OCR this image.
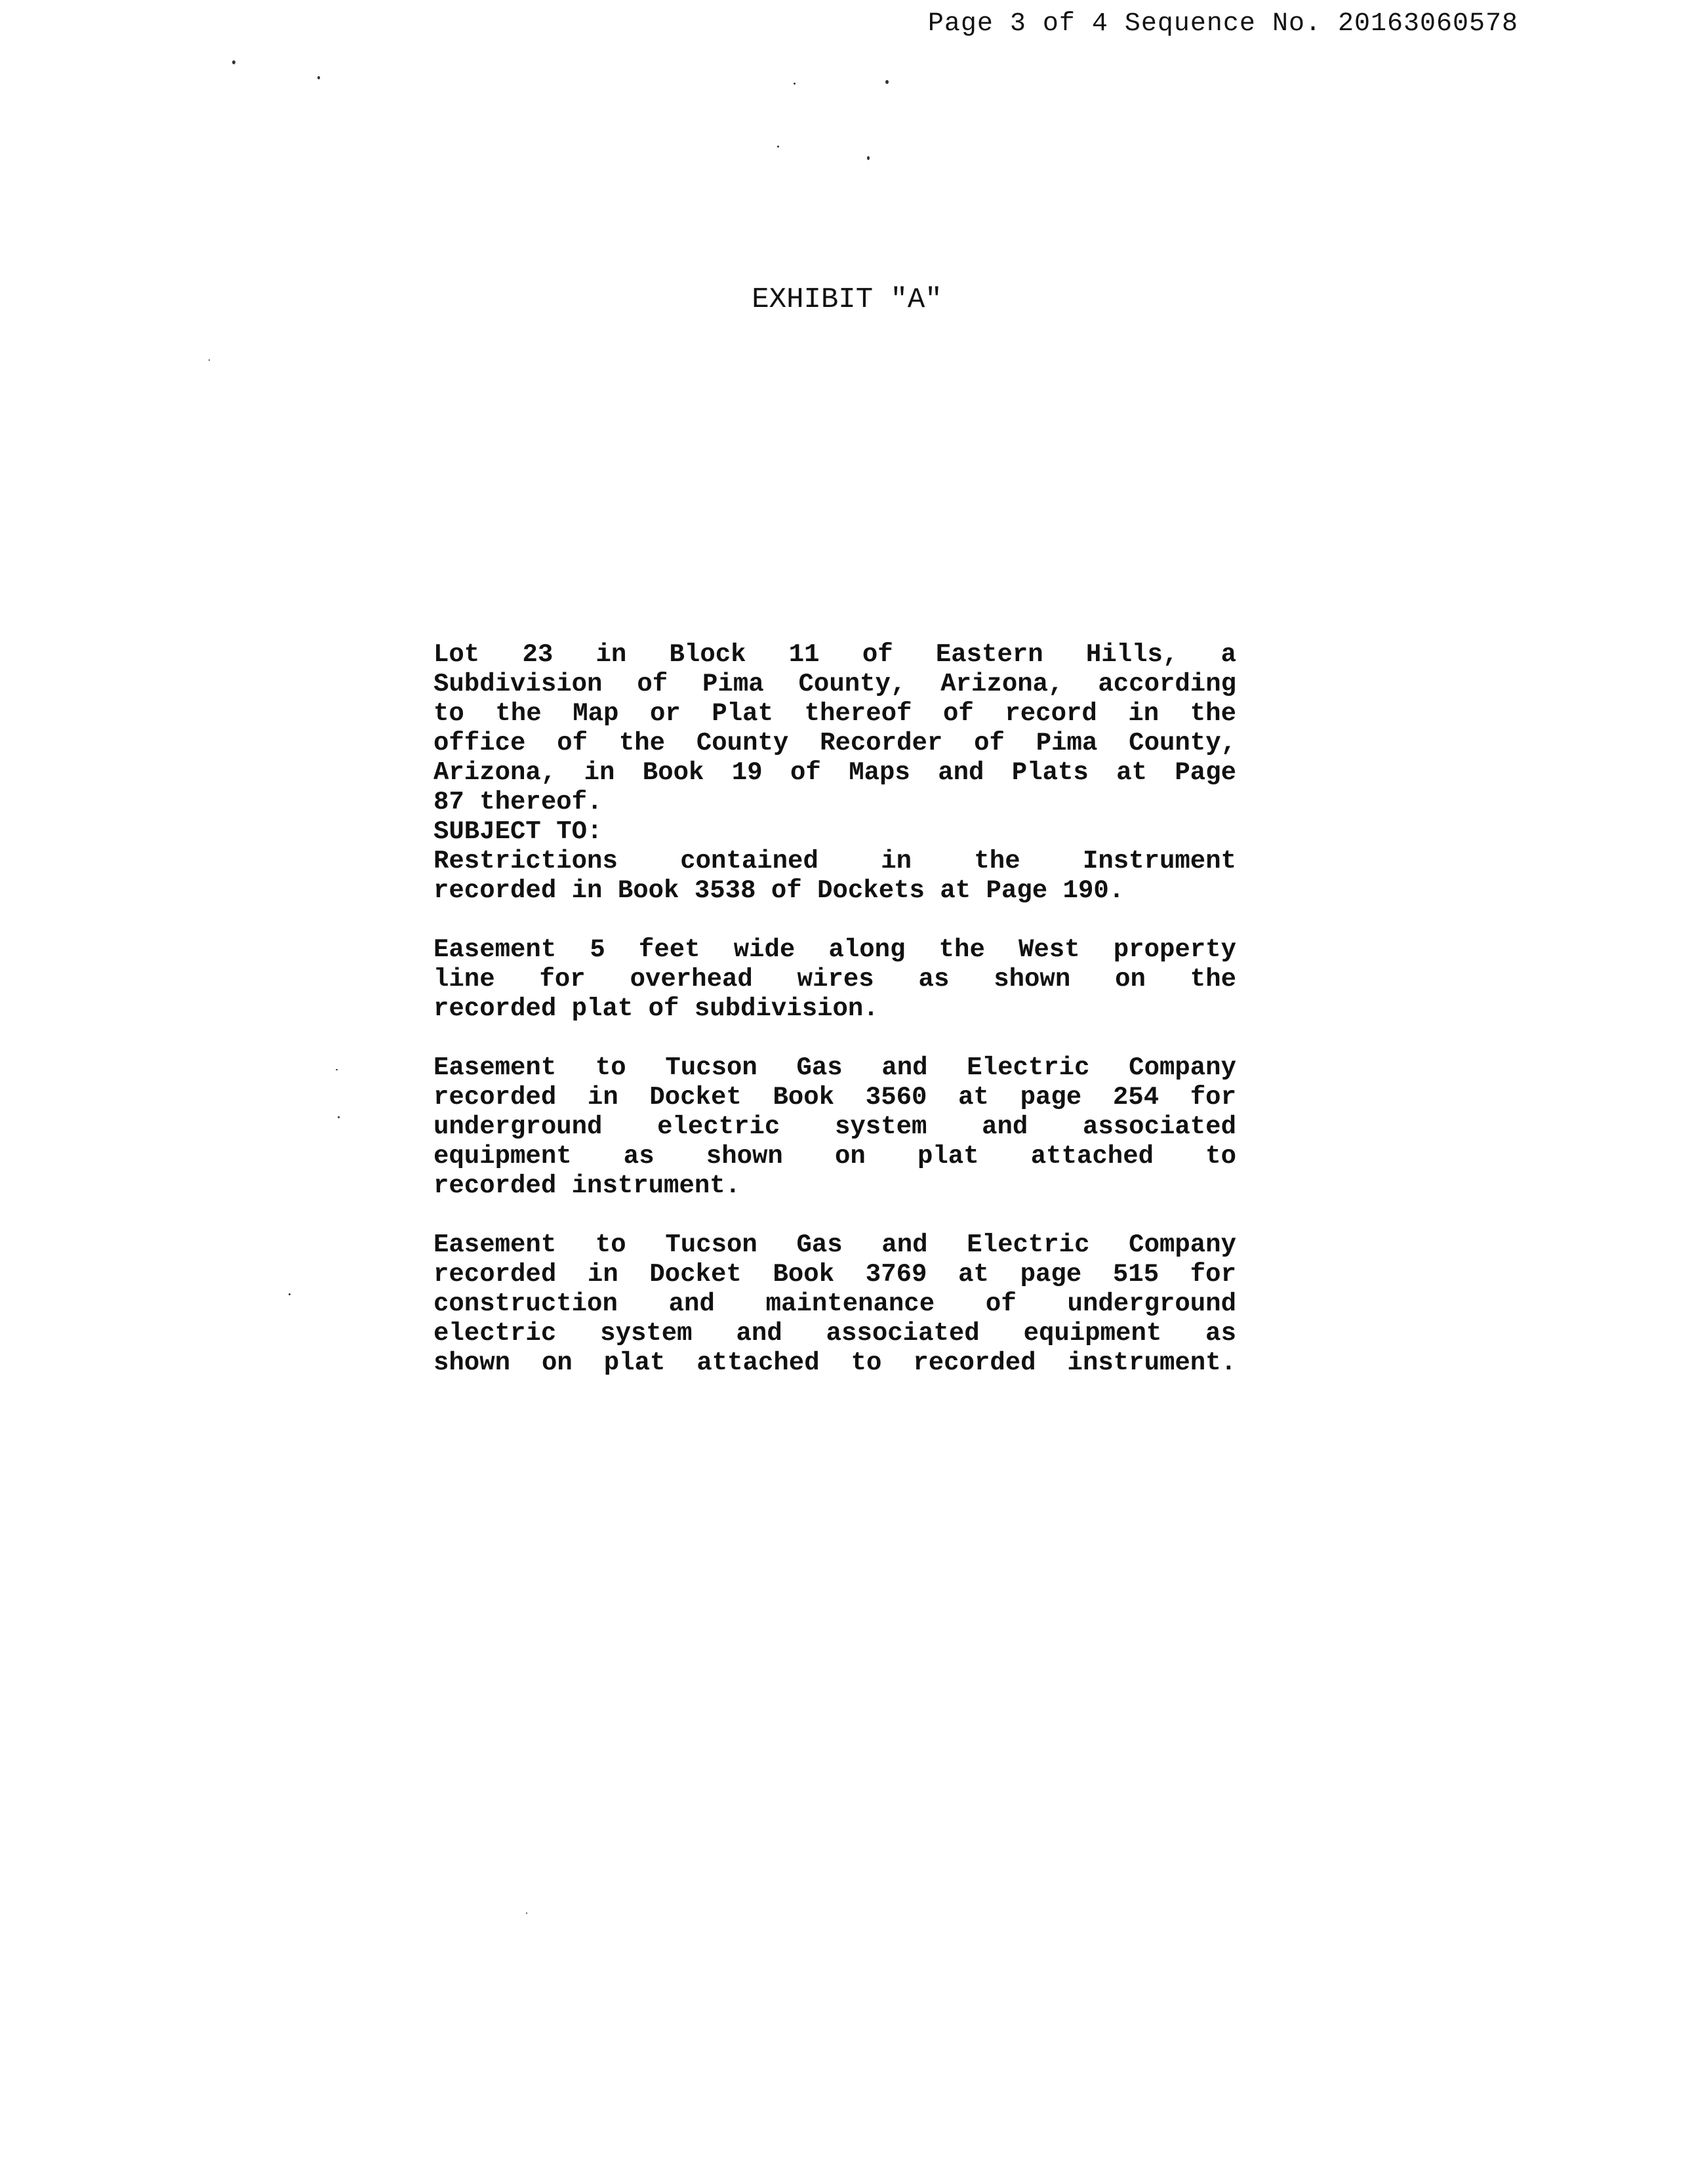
Page 3 of 4 Sequence No. 20163060578
EXHIBIT "A"
Lot 23 in Block 11 of Eastern Hills, a
Subdivision of Pima County, Arizona, according
to the Map or Plat thereof of record in the
office of the County Recorder of Pima County,
Arizona, in Book 19 of Maps and Plats at Page
87 thereof.
SUBJECT TO:
Restrictions contained in the Instrument
recorded in Book 3538 of Dockets at Page 190.
Easement 5 feet wide along the West property
line for overhead wires as shown on the
recorded plat of subdivision.
Easement to Tucson Gas and Electric Company
recorded in Docket Book 3560 at page 254 for
underground electric system and associated
equipment as shown on plat attached to
recorded instrument.
Easement to Tucson Gas and Electric Company
recorded in Docket Book 3769 at page 515 for
construction and maintenance of underground
electric system and associated equipment as
shown on plat attached to recorded instrument.
